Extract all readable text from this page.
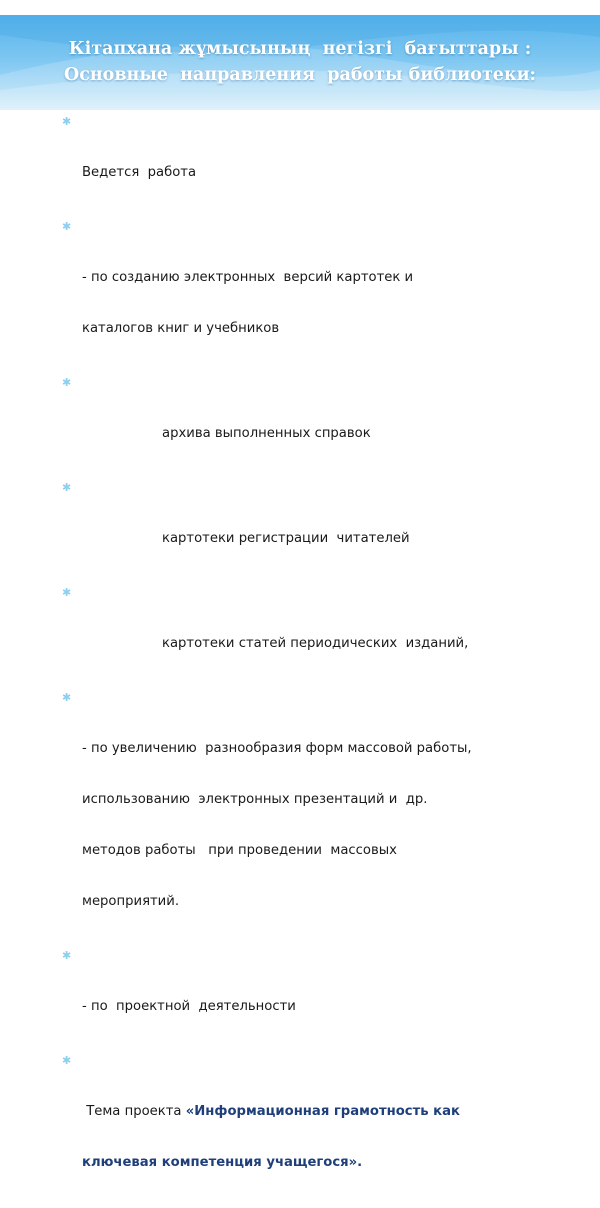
Кітапхана жұмысының  негізгі  бағыттары :
Основные  направления  работы библиотеки:

✱

Ведется  работа

✱

- по созданию электронных  версий картотек и

каталогов книг и учебников

✱

архива выполненных справок

✱

картотеки регистрации  читателей

✱

картотеки статей периодических  изданий,

✱

- по увеличению  разнообразия форм массовой работы,

использованию  электронных презентаций и  др.

методов работы   при проведении  массовых

мероприятий.

✱

- по  проектной  деятельности

✱

Тема проекта «Информационная грамотность как

ключевая компетенция учащегося».
